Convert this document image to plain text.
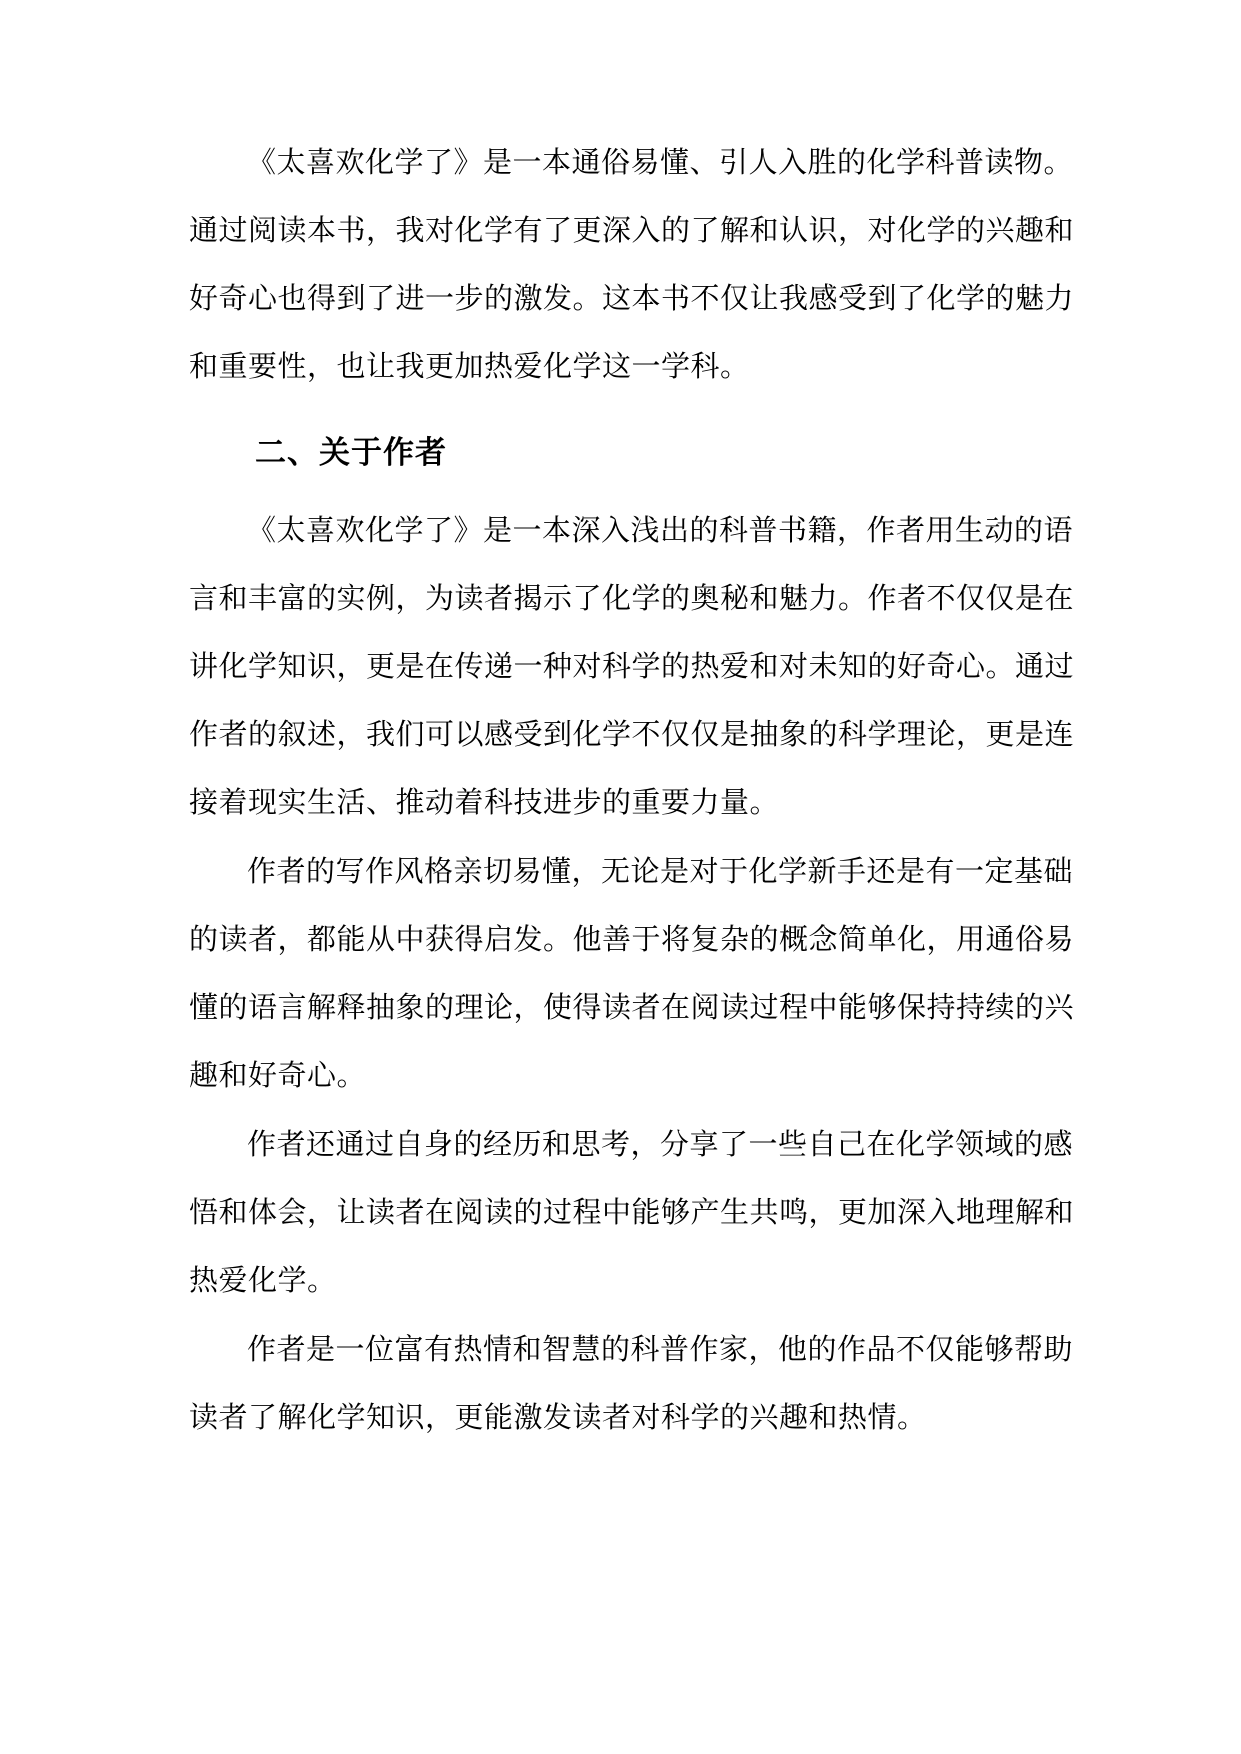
《太喜欢化学了》是一本通俗易懂、引人入胜的化学科普读物。
通过阅读本书，我对化学有了更深入的了解和认识，对化学的兴趣和
好奇心也得到了进一步的激发。这本书不仅让我感受到了化学的魅力
和重要性，也让我更加热爱化学这一学科。
二、关于作者
《太喜欢化学了》是一本深入浅出的科普书籍，作者用生动的语
言和丰富的实例，为读者揭示了化学的奥秘和魅力。作者不仅仅是在
讲化学知识，更是在传递一种对科学的热爱和对未知的好奇心。通过
作者的叙述，我们可以感受到化学不仅仅是抽象的科学理论，更是连
接着现实生活、推动着科技进步的重要力量。
作者的写作风格亲切易懂，无论是对于化学新手还是有一定基础
的读者，都能从中获得启发。他善于将复杂的概念简单化，用通俗易
懂的语言解释抽象的理论，使得读者在阅读过程中能够保持持续的兴
趣和好奇心。
作者还通过自身的经历和思考，分享了一些自己在化学领域的感
悟和体会，让读者在阅读的过程中能够产生共鸣，更加深入地理解和
热爱化学。
作者是一位富有热情和智慧的科普作家，他的作品不仅能够帮助
读者了解化学知识，更能激发读者对科学的兴趣和热情。
